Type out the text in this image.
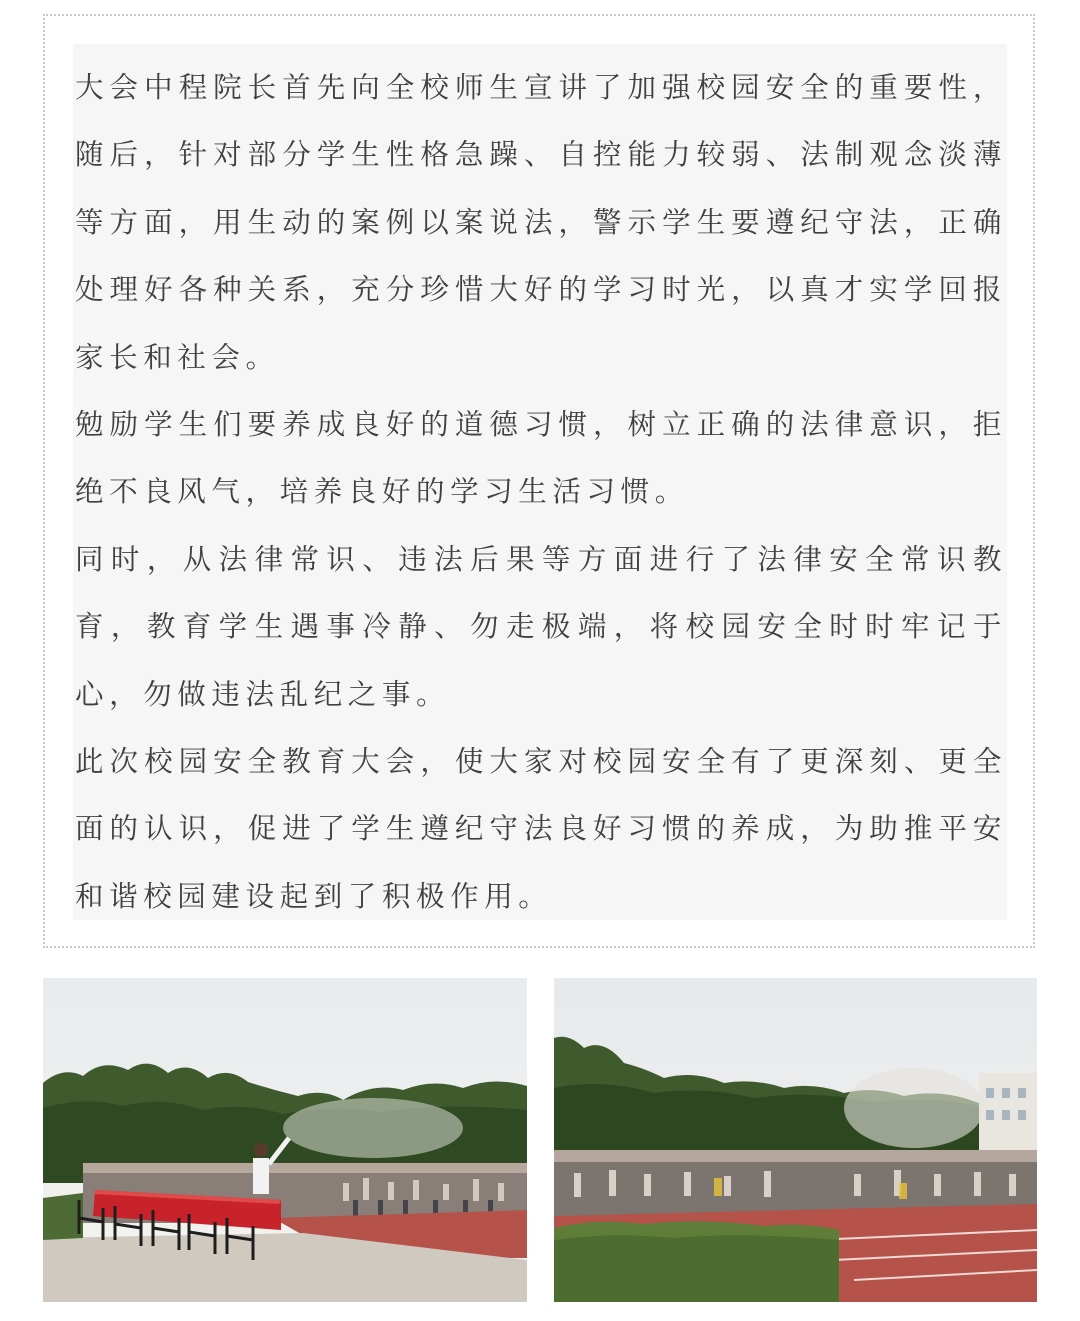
大会中程院长首先向全校师生宣讲了加强校园安全的重要性，随后，针对部分学生性格急躁、自控能力较弱、法制观念淡薄等方面，用生动的案例以案说法，警示学生要遵纪守法，正确处理好各种关系，充分珍惜大好的学习时光，以真才实学回报家长和社会。

勉励学生们要养成良好的道德习惯，树立正确的法律意识，拒绝不良风气，培养良好的学习生活习惯。

同时，从法律常识、违法后果等方面进行了法律安全常识教育，教育学生遇事冷静、勿走极端，将校园安全时时牢记于心，勿做违法乱纪之事。

此次校园安全教育大会，使大家对校园安全有了更深刻、更全面的认识，促进了学生遵纪守法良好习惯的养成，为助推平安和谐校园建设起到了积极作用。
